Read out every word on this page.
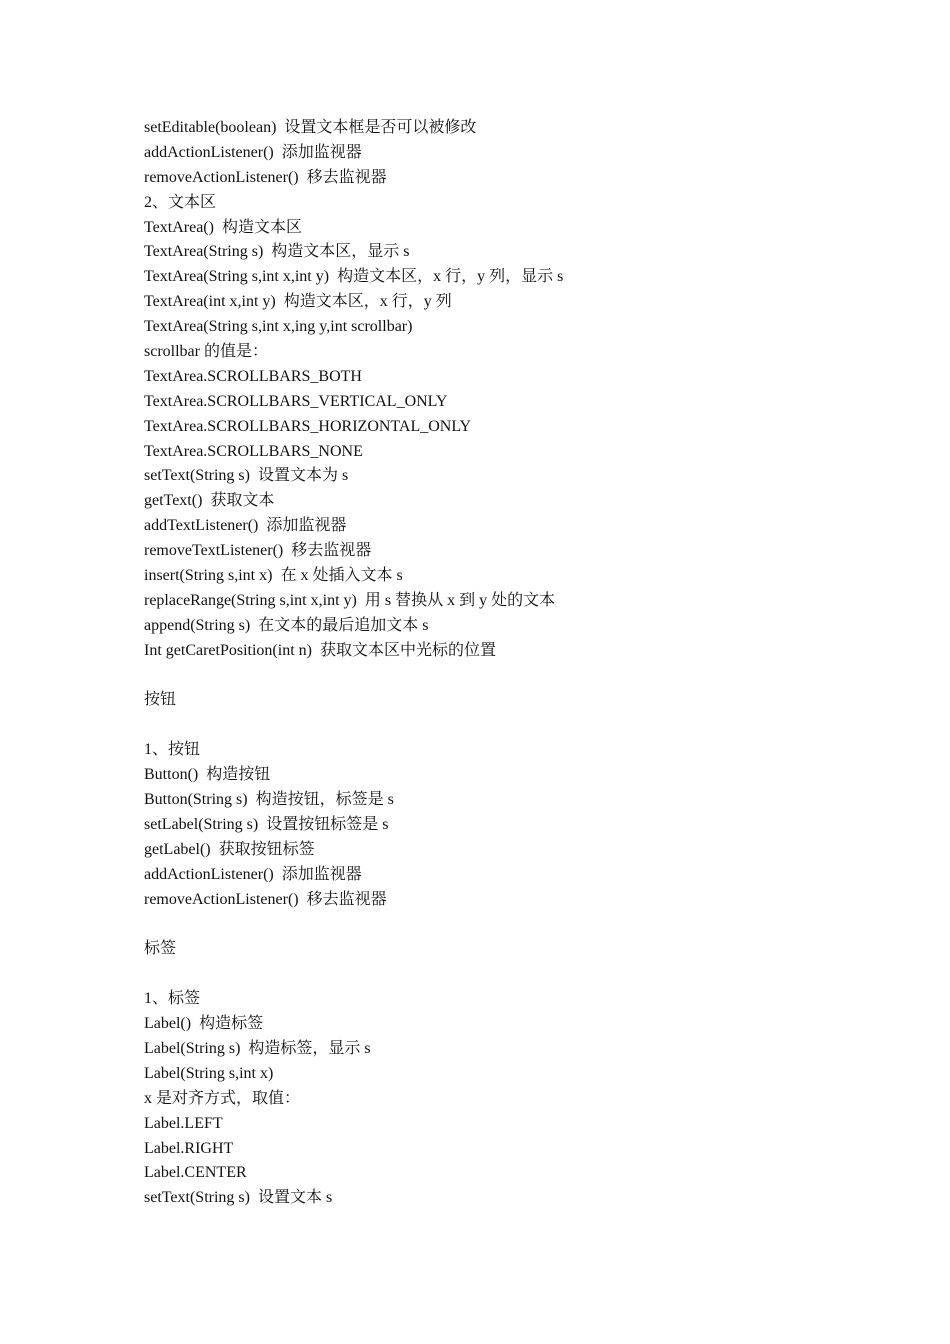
setEditable(boolean)  设置文本框是否可以被修改
addActionListener()  添加监视器
removeActionListener()  移去监视器
2、文本区
TextArea()  构造文本区
TextArea(String s)  构造文本区，显示 s
TextArea(String s,int x,int y)  构造文本区，x 行，y 列，显示 s
TextArea(int x,int y)  构造文本区，x 行，y 列
TextArea(String s,int x,ing y,int scrollbar)
scrollbar 的值是：
TextArea.SCROLLBARS_BOTH
TextArea.SCROLLBARS_VERTICAL_ONLY
TextArea.SCROLLBARS_HORIZONTAL_ONLY
TextArea.SCROLLBARS_NONE
setText(String s)  设置文本为 s
getText()  获取文本
addTextListener()  添加监视器
removeTextListener()  移去监视器
insert(String s,int x)  在 x 处插入文本 s
replaceRange(String s,int x,int y)  用 s 替换从 x 到 y 处的文本
append(String s)  在文本的最后追加文本 s
Int getCaretPosition(int n)  获取文本区中光标的位置
按钮
1、按钮
Button()  构造按钮
Button(String s)  构造按钮，标签是 s
setLabel(String s)  设置按钮标签是 s
getLabel()  获取按钮标签
addActionListener()  添加监视器
removeActionListener()  移去监视器
标签
1、标签
Label()  构造标签
Label(String s)  构造标签，显示 s
Label(String s,int x)
x 是对齐方式，取值：
Label.LEFT
Label.RIGHT
Label.CENTER
setText(String s)  设置文本 s
